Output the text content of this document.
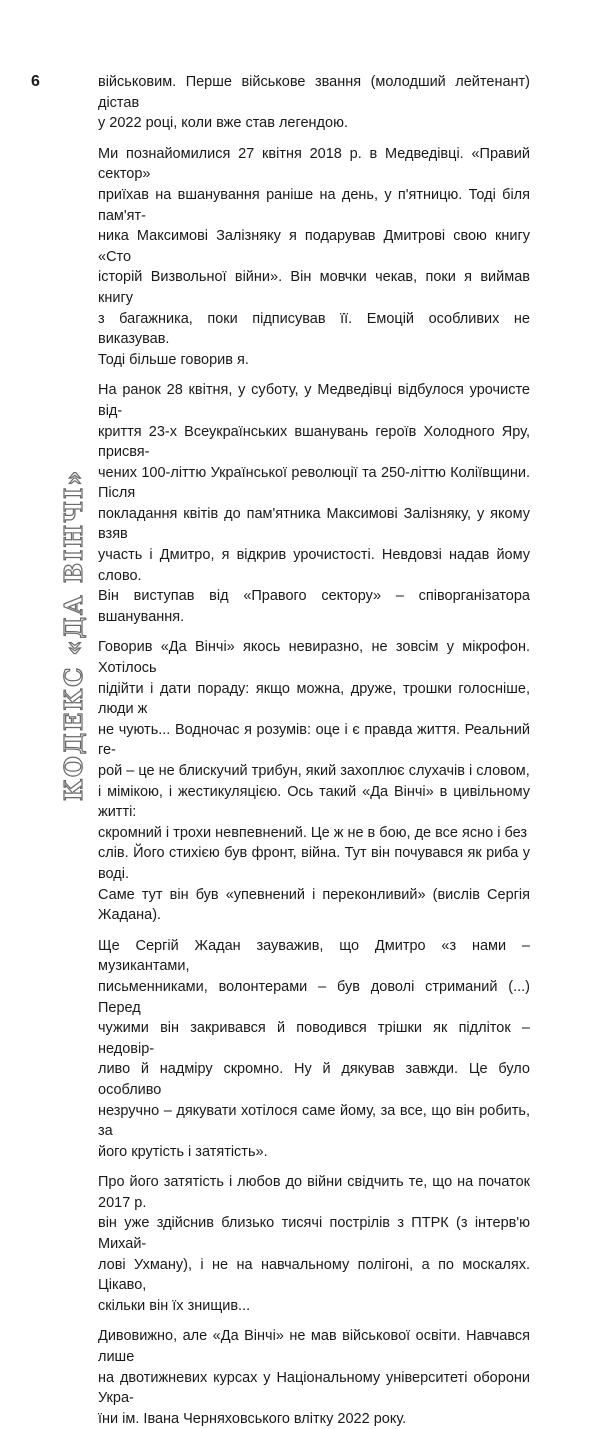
6
КОДЕКС «ДА ВІНЧІ»

військовим. Перше військове звання (молодший лейтенант) дістав
у 2022 році, коли вже став легендою.

Ми познайомилися 27 квітня 2018 р. в Медведівці. «Правий сектор»
приїхав на вшанування раніше на день, у п'ятницю. Тоді біля пам'ят-
ника Максимові Залізняку я подарував Дмитрові свою книгу «Сто
історій Визвольної війни». Він мовчки чекав, поки я виймав книгу
з багажника, поки підписував її. Емоцій особливих не виказував.
Тоді більше говорив я.

На ранок 28 квітня, у суботу, у Медведівці відбулося урочисте від-
криття 23-х Всеукраїнських вшанувань героїв Холодного Яру, присвя-
чених 100-літтю Української революції та 250-літтю Коліївщини. Після
покладання квітів до пам'ятника Максимові Залізняку, у якому взяв
участь і Дмитро, я відкрив урочистості. Невдовзі надав йому слово.
Він виступав від «Правого сектору» – співорганізатора вшанування.

Говорив «Да Вінчі» якось невиразно, не зовсім у мікрофон. Хотілось
підійти і дати пораду: якщо можна, друже, трошки голосніше, люди ж
не чують... Водночас я розумів: оце і є правда життя. Реальний ге-
рой – це не блискучий трибун, який захоплює слухачів і словом,
і мімікою, і жестикуляцією. Ось такий «Да Вінчі» в цивільному житті:
скромний і трохи невпевнений. Це ж не в бою, де все ясно і без
слів. Його стихією був фронт, війна. Тут він почувався як риба у воді.
Саме тут він був «упевнений і переконливий» (вислів Сергія Жадана).

Ще Сергій Жадан зауважив, що Дмитро «з нами – музикантами,
письменниками, волонтерами – був доволі стриманий (...) Перед
чужими він закривався й поводився трішки як підліток – недовір-
ливо й надміру скромно. Ну й дякував завжди. Це було особливо
незручно – дякувати хотілося саме йому, за все, що він робить, за
його крутість і затятість».

Про його затятість і любов до війни свідчить те, що на початок 2017 р.
він уже здійснив близько тисячі пострілів з ПТРК (з інтерв'ю Михай-
лові Ухману), і не на навчальному полігоні, а по москалях. Цікаво,
скільки він їх знищив...

Дивовижно, але «Да Вінчі» не мав військової освіти. Навчався лише
на двотижневих курсах у Національному університеті оборони Укра-
їни ім. Івана Черняховського влітку 2022 року.
